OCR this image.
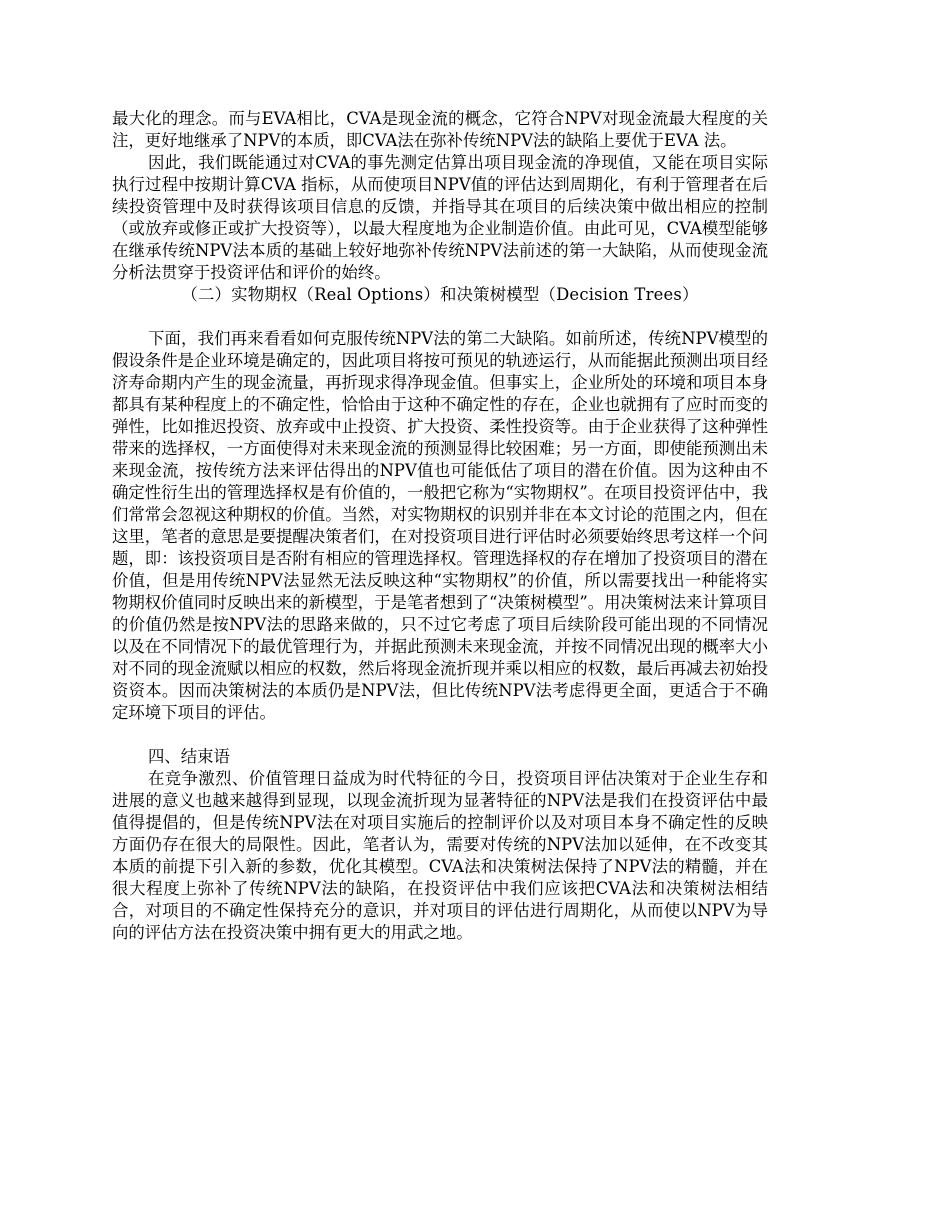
最大化的理念。而与EVA相比，CVA是现金流的概念，它符合NPV对现金流最大程度的关注，更好地继承了NPV的本质，即CVA法在弥补传统NPV法的缺陷上要优于EVA 法。

因此，我们既能通过对CVA的事先测定估算出项目现金流的净现值，又能在项目实际执行过程中按期计算CVA 指标，从而使项目NPV值的评估达到周期化，有利于管理者在后续投资管理中及时获得该项目信息的反馈，并指导其在项目的后续决策中做出相应的控制（或放弃或修正或扩大投资等），以最大程度地为企业制造价值。由此可见，CVA模型能够在继承传统NPV法本质的基础上较好地弥补传统NPV法前述的第一大缺陷，从而使现金流分析法贯穿于投资评估和评价的始终。

（二）实物期权（Real Options）和决策树模型（Decision Trees）

下面，我们再来看看如何克服传统NPV法的第二大缺陷。如前所述，传统NPV模型的假设条件是企业环境是确定的，因此项目将按可预见的轨迹运行，从而能据此预测出项目经济寿命期内产生的现金流量，再折现求得净现金值。但事实上，企业所处的环境和项目本身都具有某种程度上的不确定性，恰恰由于这种不确定性的存在，企业也就拥有了应时而变的弹性，比如推迟投资、放弃或中止投资、扩大投资、柔性投资等。由于企业获得了这种弹性带来的选择权，一方面使得对未来现金流的预测显得比较困难；另一方面，即使能预测出未来现金流，按传统方法来评估得出的NPV值也可能低估了项目的潜在价值。因为这种由不确定性衍生出的管理选择权是有价值的，一般把它称为“实物期权”。在项目投资评估中，我们常常会忽视这种期权的价值。当然，对实物期权的识别并非在本文讨论的范围之内，但在这里，笔者的意思是要提醒决策者们，在对投资项目进行评估时必须要始终思考这样一个问题，即：该投资项目是否附有相应的管理选择权。管理选择权的存在增加了投资项目的潜在价值，但是用传统NPV法显然无法反映这种“实物期权”的价值，所以需要找出一种能将实物期权价值同时反映出来的新模型，于是笔者想到了“决策树模型”。用决策树法来计算项目的价值仍然是按NPV法的思路来做的，只不过它考虑了项目后续阶段可能出现的不同情况以及在不同情况下的最优管理行为，并据此预测未来现金流，并按不同情况出现的概率大小对不同的现金流赋以相应的权数，然后将现金流折现并乘以相应的权数，最后再减去初始投资资本。因而决策树法的本质仍是NPV法，但比传统NPV法考虑得更全面，更适合于不确定环境下项目的评估。

四、结束语

在竞争激烈、价值管理日益成为时代特征的今日，投资项目评估决策对于企业生存和进展的意义也越来越得到显现，以现金流折现为显著特征的NPV法是我们在投资评估中最值得提倡的，但是传统NPV法在对项目实施后的控制评价以及对项目本身不确定性的反映方面仍存在很大的局限性。因此，笔者认为，需要对传统的NPV法加以延伸，在不改变其本质的前提下引入新的参数，优化其模型。CVA法和决策树法保持了NPV法的精髓，并在很大程度上弥补了传统NPV法的缺陷，在投资评估中我们应该把CVA法和决策树法相结合，对项目的不确定性保持充分的意识，并对项目的评估进行周期化，从而使以NPV为导向的评估方法在投资决策中拥有更大的用武之地。
